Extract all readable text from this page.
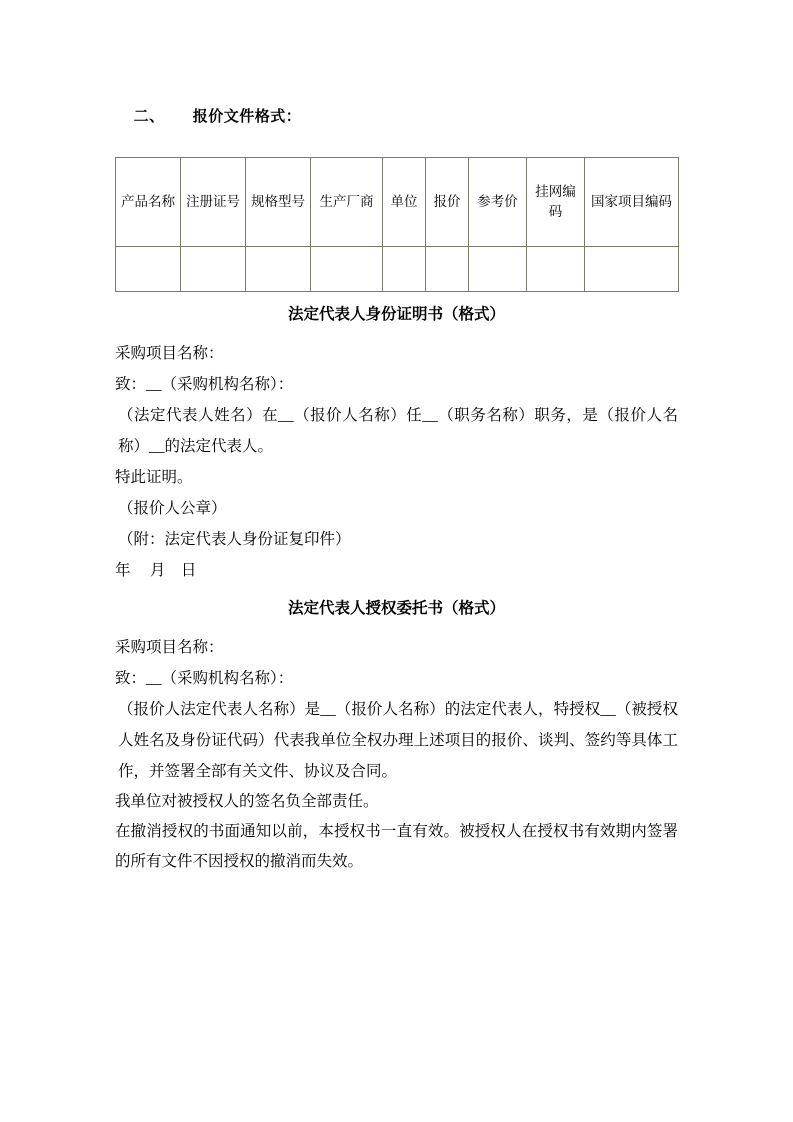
二、 报价文件格式：

产品名称	注册证号	规格型号	生产厂商	单位	报价	参考价	挂网编码	国家项目编码

法定代表人身份证明书（格式）

采购项目名称：

致：__（采购机构名称）：

（法定代表人姓名）在__（报价人名称）任__（职务名称）职务，是（报价人名称）__的法定代表人。

特此证明。

（报价人公章）

（附：法定代表人身份证复印件）

年　 月　日

法定代表人授权委托书（格式）

采购项目名称：

致：__（采购机构名称）：

（报价人法定代表人名称）是__（报价人名称）的法定代表人，特授权__（被授权人姓名及身份证代码）代表我单位全权办理上述项目的报价、谈判、签约等具体工作，并签署全部有关文件、协议及合同。

我单位对被授权人的签名负全部责任。

在撤消授权的书面通知以前，本授权书一直有效。被授权人在授权书有效期内签署的所有文件不因授权的撤消而失效。
